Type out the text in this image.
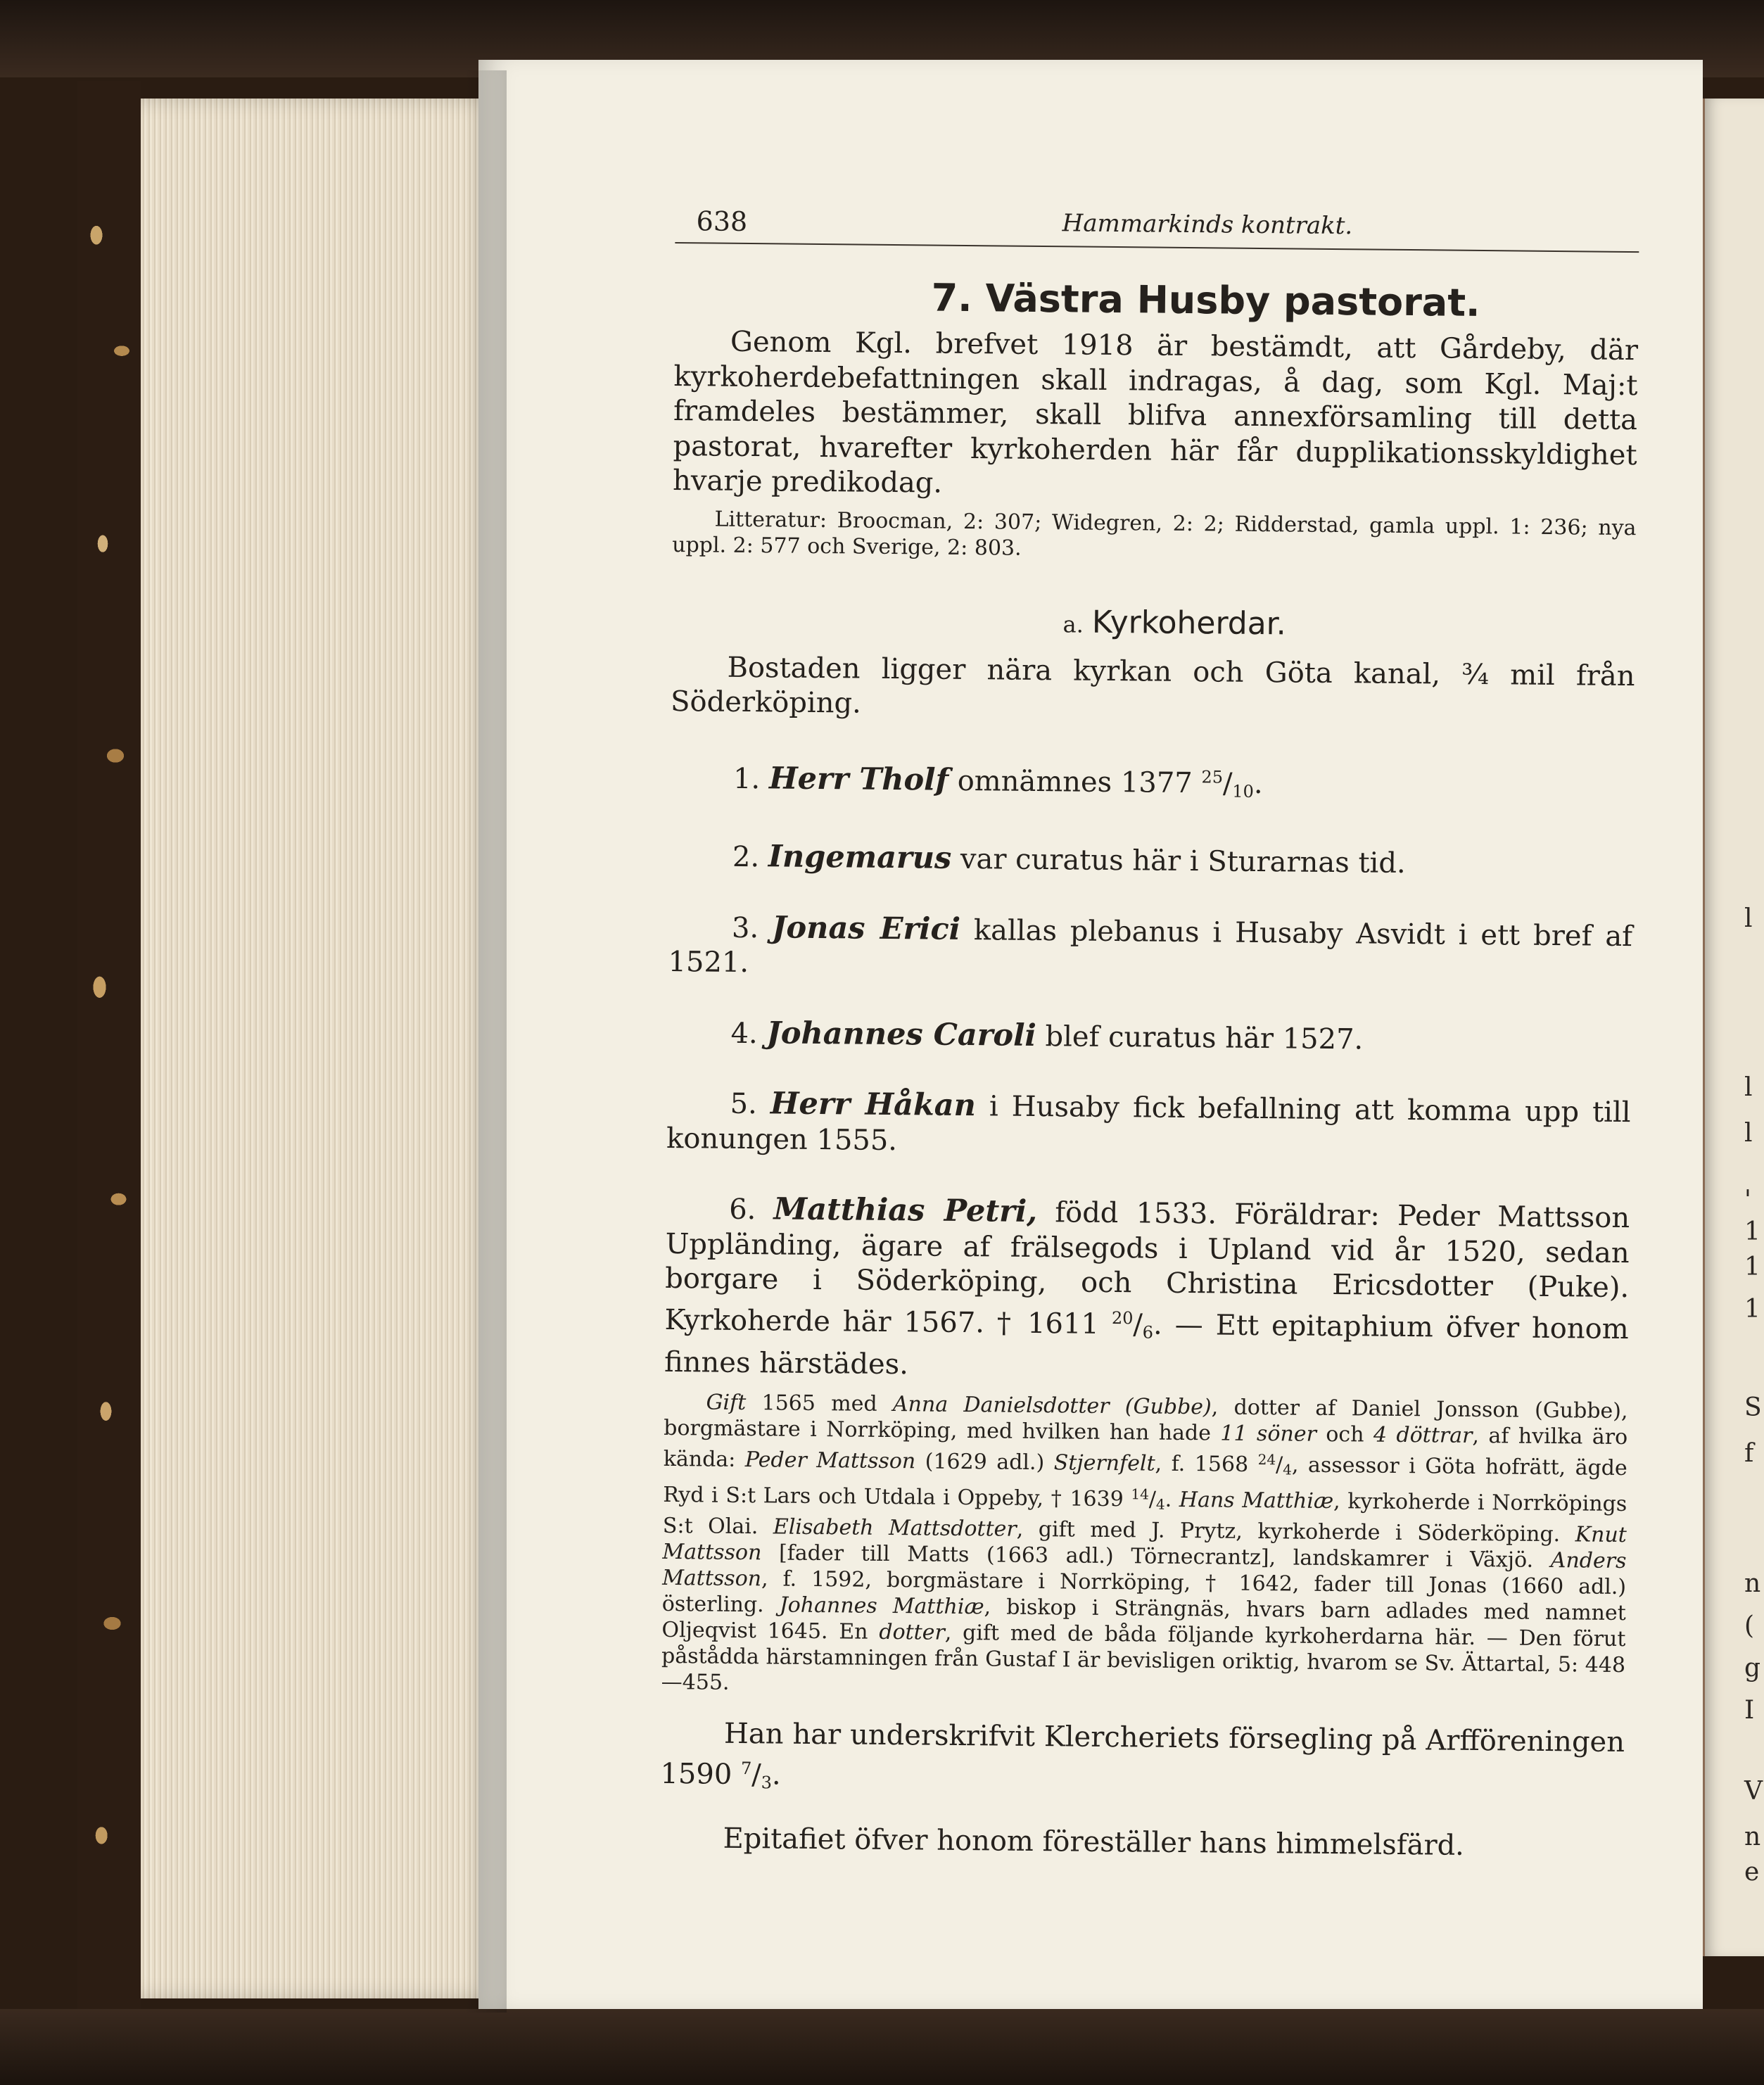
l
l
l
'
1
1
1
S
f
n
(
g
I
V
n
e
638	Hammarkinds kontrakt.
7. Västra Husby pastorat.

Genom Kgl. brefvet 1918 är bestämdt, att Gårdeby, där kyrkoherdebefattningen skall indragas, å dag, som Kgl. Maj:t framdeles bestämmer, skall blifva annexförsamling till detta pastorat, hvarefter kyrkoherden här får dupplikationsskyldighet hvarje predikodag.

Litteratur: Broocman, 2: 307; Widegren, 2: 2; Ridderstad, gamla uppl. 1: 236; nya uppl. 2: 577 och Sverige, 2: 803.

a. Kyrkoherdar.

Bostaden ligger nära kyrkan och Göta kanal, ¾ mil från Söderköping.

1. Herr Tholf omnämnes 1377 $^{25}/_{10}$.

2. Ingemarus var curatus här i Sturarnas tid.

3. Jonas Erici kallas plebanus i Husaby Asvidt i ett bref af 1521.

4. Johannes Caroli blef curatus här 1527.

5. Herr Håkan i Husaby fick befallning att komma upp till konungen 1555.

6. Matthias Petri, född 1533. Föräldrar: Peder Mattsson Uppländing, ägare af frälsegods i Upland vid år 1520, sedan borgare i Söderköping, och Christina Ericsdotter (Puke). Kyrkoherde här 1567. † 1611 $^{20}/_6$. — Ett epitaphium öfver honom finnes härstädes.

Gift 1565 med Anna Danielsdotter (Gubbe), dotter af Daniel Jonsson (Gubbe), borgmästare i Norrköping, med hvilken han hade 11 söner och 4 döttrar, af hvilka äro kända: Peder Mattsson (1629 adl.) Stjernfelt, f. 1568 $^{24}/_4$, assessor i Göta hofrätt, ägde Ryd i S:t Lars och Utdala i Oppeby, † 1639 $^{14}/_4$. Hans Matthiæ, kyrkoherde i Norrköpings S:t Olai. Elisabeth Mattsdotter, gift med J. Prytz, kyrkoherde i Söderköping. Knut Mattsson [fader till Matts (1663 adl.) Törnecrantz], landskamrer i Växjö. Anders Mattsson, f. 1592, borgmästare i Norrköping, † 1642, fader till Jonas (1660 adl.) österling. Johannes Matthiæ, biskop i Strängnäs, hvars barn adlades med namnet Oljeqvist 1645. En dotter, gift med de båda följande kyrkoherdarna här. — Den förut påstådda härstamningen från Gustaf I är bevisligen oriktig, hvarom se Sv. Ättartal, 5: 448—455.

Han har underskrifvit Klercheriets försegling på Arfföreningen 1590 $^7/_3$.

Epitafiet öfver honom föreställer hans himmelsfärd.
